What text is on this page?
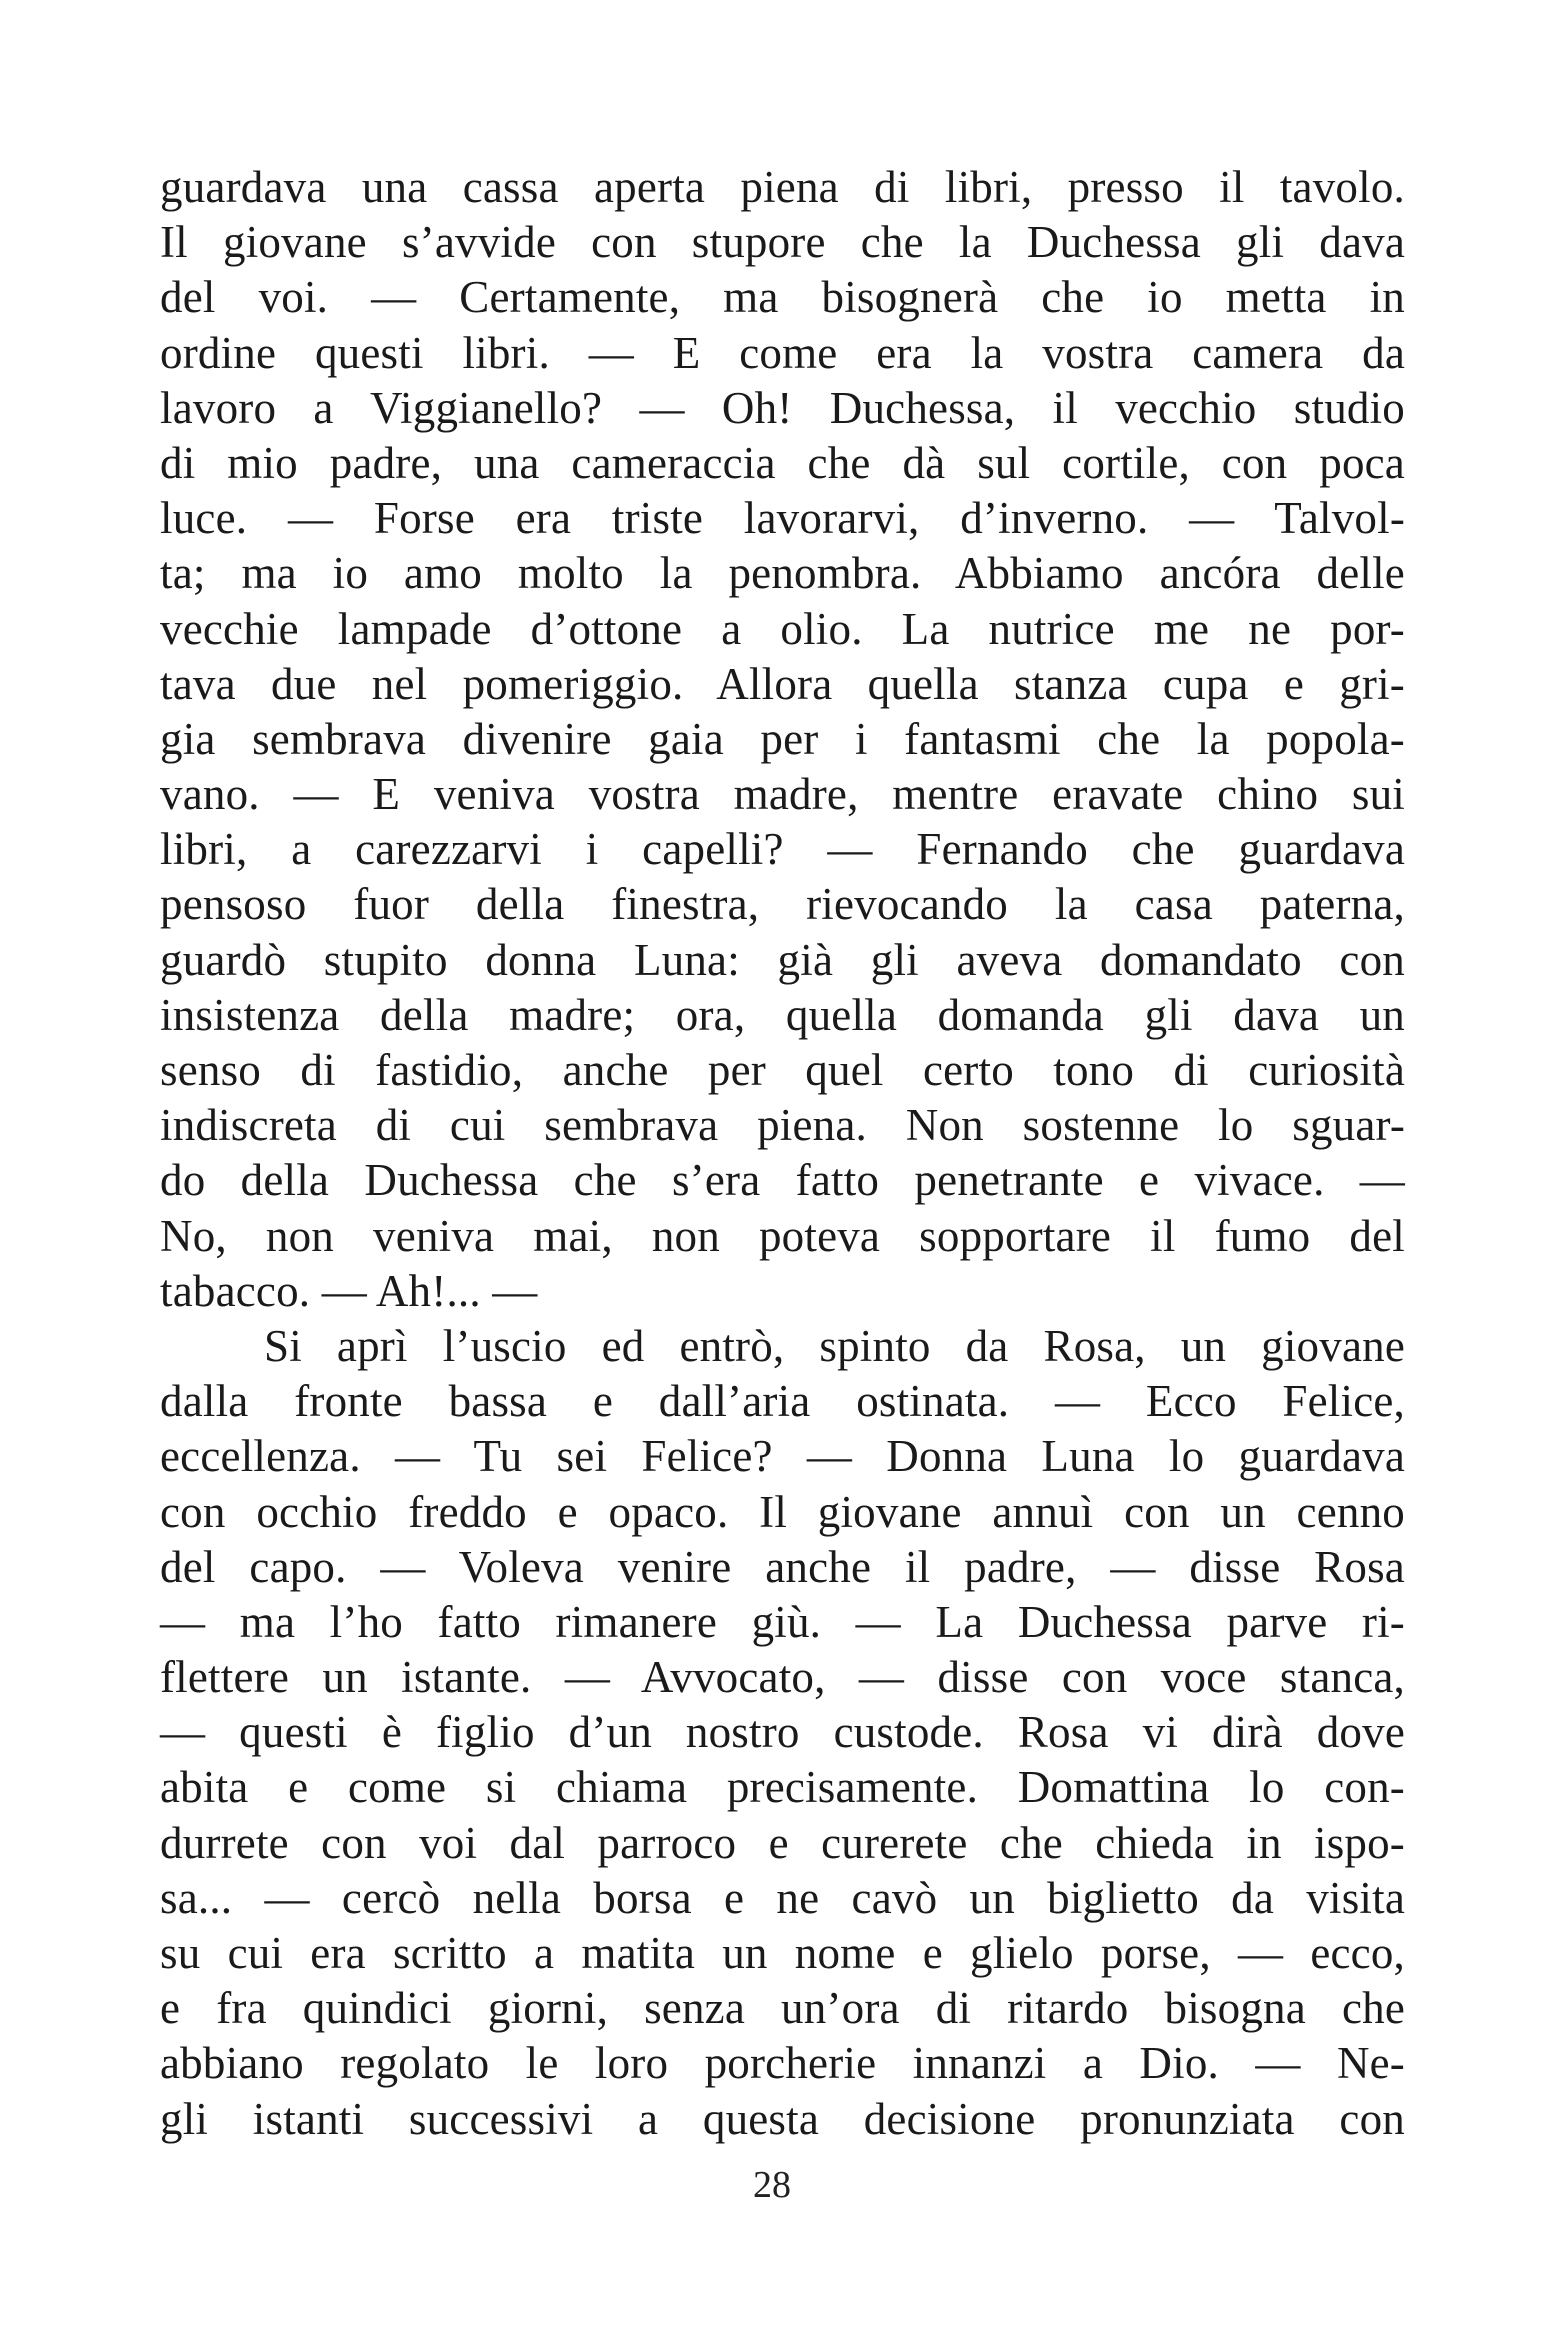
guardava una cassa aperta piena di libri, presso il tavolo.
Il giovane s’avvide con stupore che la Duchessa gli dava
del voi. — Certamente, ma bisognerà che io metta in
ordine questi libri. — E come era la vostra camera da
lavoro a Viggianello? — Oh! Duchessa, il vecchio studio
di mio padre, una cameraccia che dà sul cortile, con poca
luce. — Forse era triste lavorarvi, d’inverno. — Talvol-
ta; ma io amo molto la penombra. Abbiamo ancóra delle
vecchie lampade d’ottone a olio. La nutrice me ne por-
tava due nel pomeriggio. Allora quella stanza cupa e gri-
gia sembrava divenire gaia per i fantasmi che la popola-
vano. — E veniva vostra madre, mentre eravate chino sui
libri, a carezzarvi i capelli? — Fernando che guardava
pensoso fuor della finestra, rievocando la casa paterna,
guardò stupito donna Luna: già gli aveva domandato con
insistenza della madre; ora, quella domanda gli dava un
senso di fastidio, anche per quel certo tono di curiosità
indiscreta di cui sembrava piena. Non sostenne lo sguar-
do della Duchessa che s’era fatto penetrante e vivace. —
No, non veniva mai, non poteva sopportare il fumo del
tabacco. — Ah!... —
Si aprì l’uscio ed entrò, spinto da Rosa, un giovane
dalla fronte bassa e dall’aria ostinata. — Ecco Felice,
eccellenza. — Tu sei Felice? — Donna Luna lo guardava
con occhio freddo e opaco. Il giovane annuì con un cenno
del capo. — Voleva venire anche il padre, — disse Rosa
— ma l’ho fatto rimanere giù. — La Duchessa parve ri-
flettere un istante. — Avvocato, — disse con voce stanca,
— questi è figlio d’un nostro custode. Rosa vi dirà dove
abita e come si chiama precisamente. Domattina lo con-
durrete con voi dal parroco e curerete che chieda in ispo-
sa... — cercò nella borsa e ne cavò un biglietto da visita
su cui era scritto a matita un nome e glielo porse, — ecco,
e fra quindici giorni, senza un’ora di ritardo bisogna che
abbiano regolato le loro porcherie innanzi a Dio. — Ne-
gli istanti successivi a questa decisione pronunziata con
28
